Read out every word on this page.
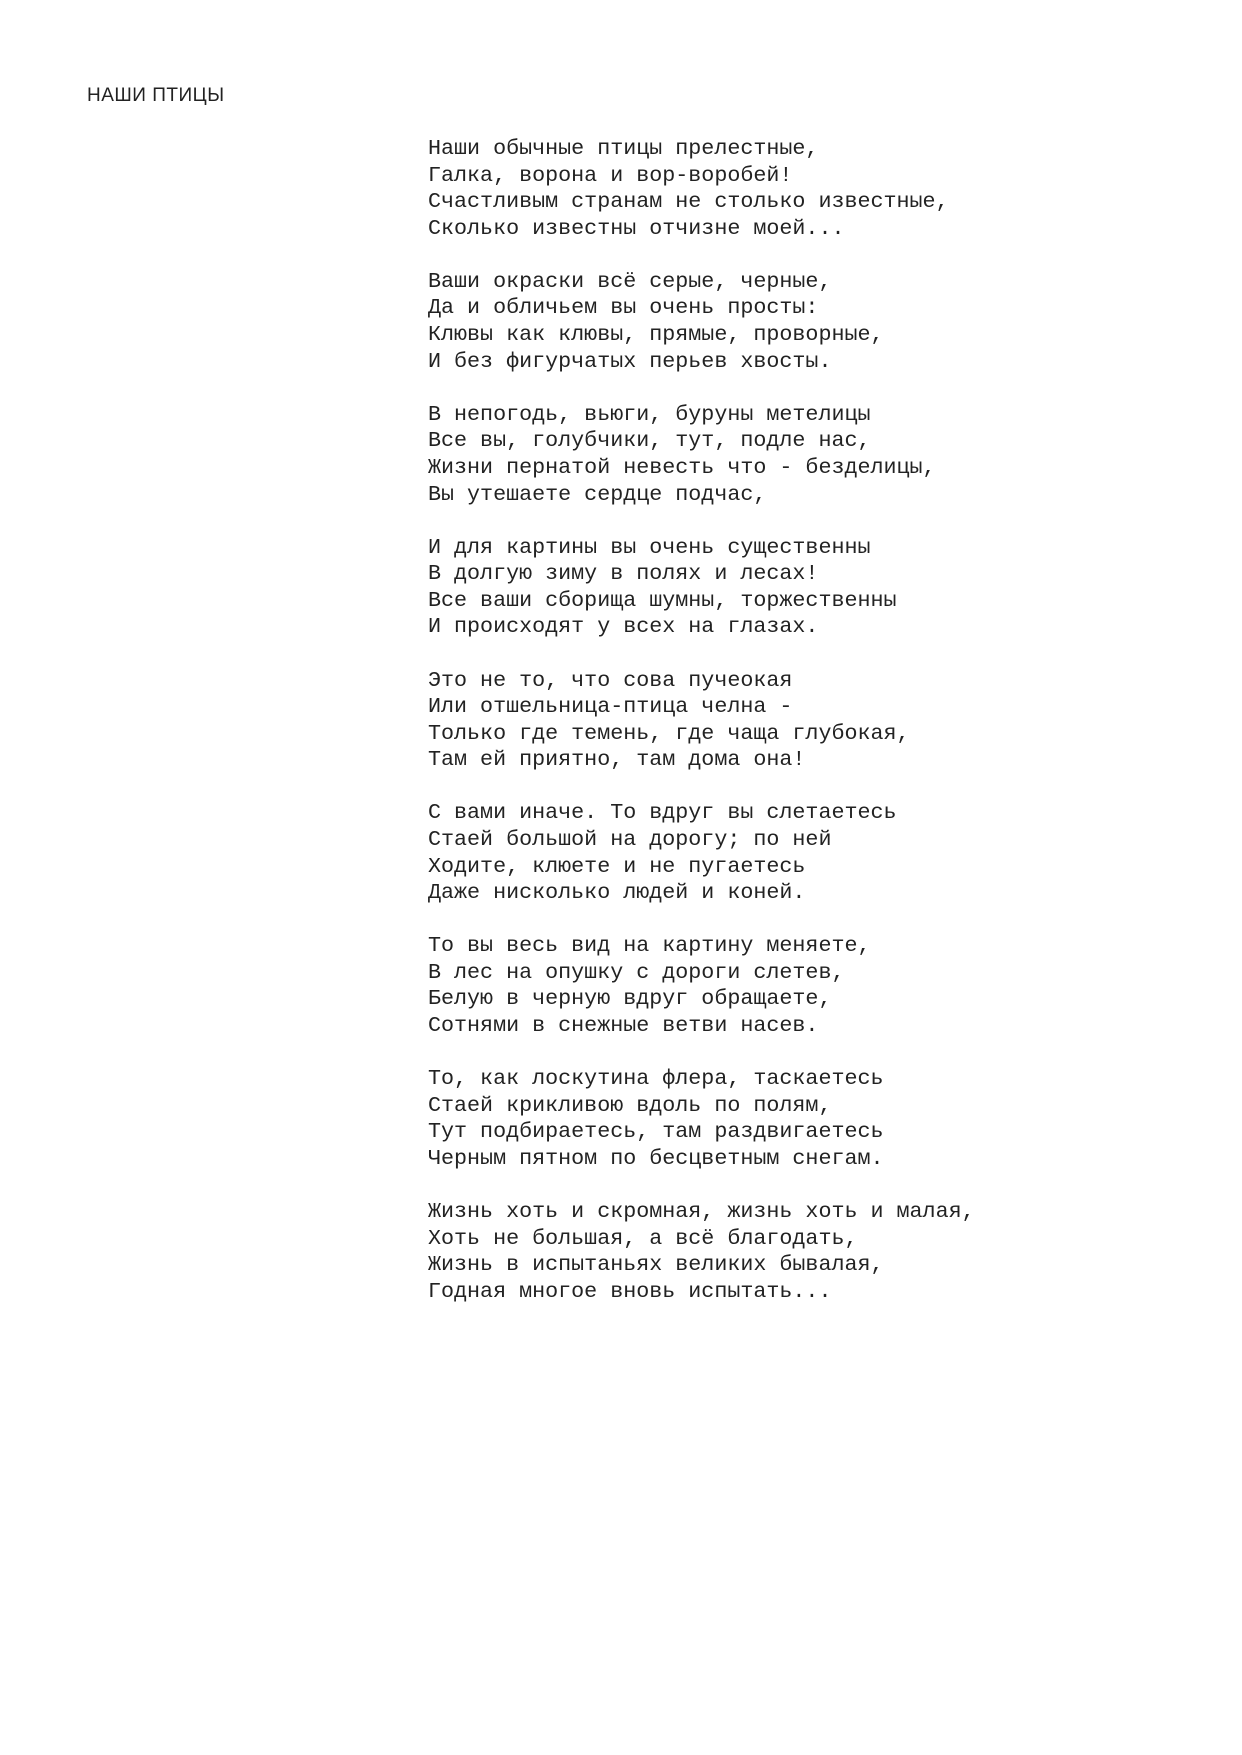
НАШИ ПТИЦЫ
Наши обычные птицы прелестные,
Галка, ворона и вор-воробей!
Счастливым странам не столько известные,
Сколько известны отчизне моей...
Ваши окраски всё серые, черные,
Да и обличьем вы очень просты:
Клювы как клювы, прямые, проворные,
И без фигурчатых перьев хвосты.
В непогодь, вьюги, буруны метелицы
Все вы, голубчики, тут, подле нас,
Жизни пернатой невесть что - безделицы,
Вы утешаете сердце подчас,
И для картины вы очень существенны
В долгую зиму в полях и лесах!
Все ваши сборища шумны, торжественны
И происходят у всех на глазах.
Это не то, что сова пучеокая
Или отшельница-птица челна -
Только где темень, где чаща глубокая,
Там ей приятно, там дома она!
С вами иначе. То вдруг вы слетаетесь
Стаей большой на дорогу; по ней
Ходите, клюете и не пугаетесь
Даже нисколько людей и коней.
То вы весь вид на картину меняете,
В лес на опушку с дороги слетев,
Белую в черную вдруг обращаете,
Сотнями в снежные ветви насев.
То, как лоскутина флера, таскаетесь
Стаей крикливою вдоль по полям,
Тут подбираетесь, там раздвигаетесь
Черным пятном по бесцветным снегам.
Жизнь хоть и скромная, жизнь хоть и малая,
Хоть не большая, а всё благодать,
Жизнь в испытаньях великих бывалая,
Годная многое вновь испытать...
